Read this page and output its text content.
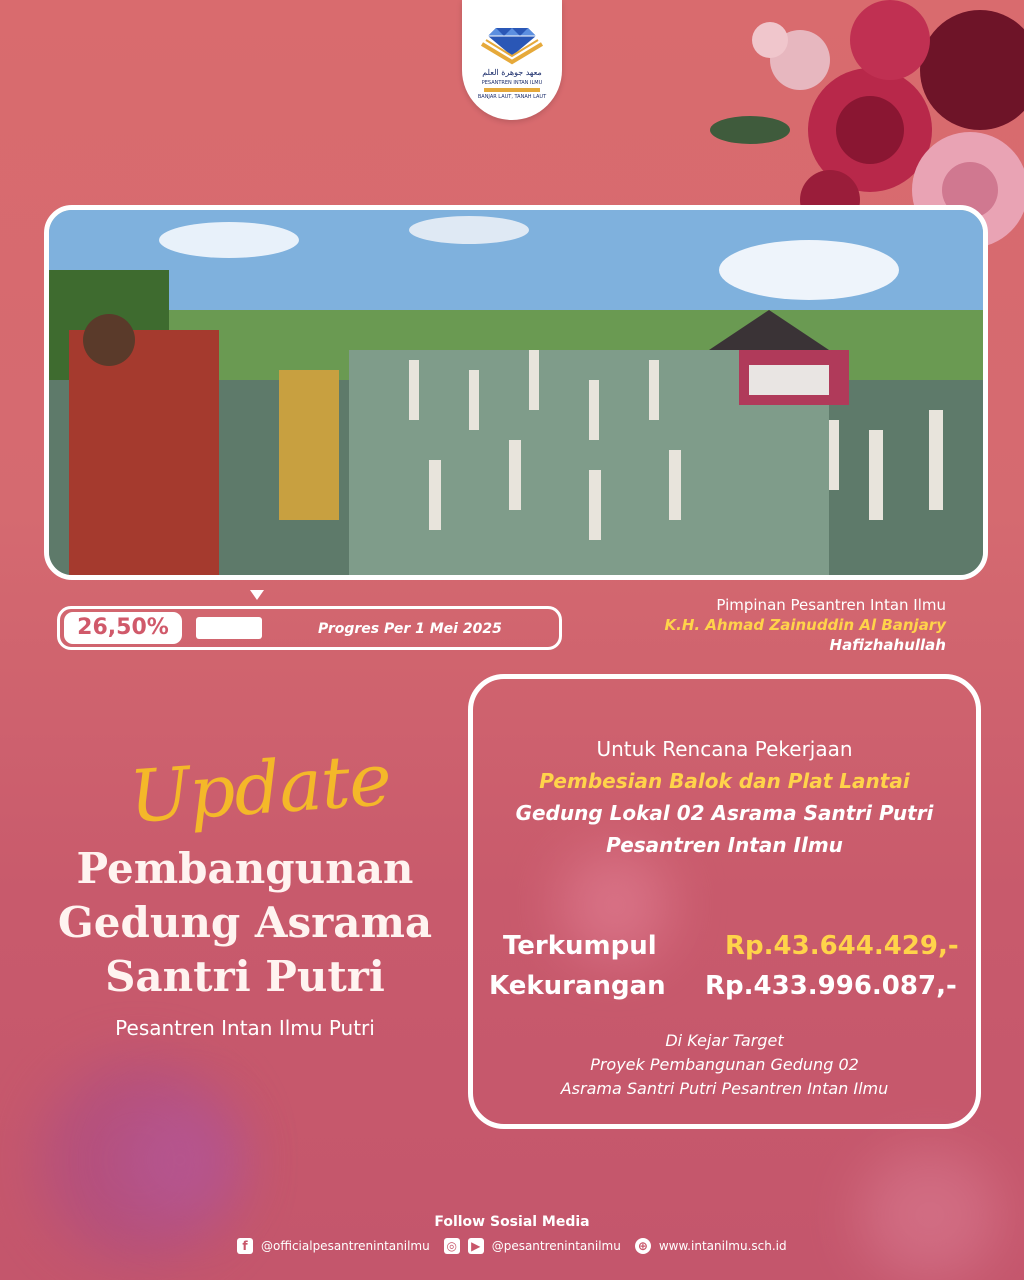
معهد جوهرة العلم
PESANTREN INTAN ILMU
BANJAR LAUT, TANAH LAUT
26,50%	Progres Per 1 Mei 2025
Pimpinan Pesantren Intan Ilmu
K.H. Ahmad Zainuddin Al Banjary
Hafizhahullah
Update
Pembangunan
Gedung Asrama
Santri Putri
Pesantren Intan Ilmu Putri
Untuk Rencana Pekerjaan
Pembesian Balok dan Plat Lantai
Gedung Lokal 02 Asrama Santri Putri
Pesantren Intan Ilmu
Terkumpul	Rp.43.644.429,-
Kekurangan Rp.433.996.087,-
Di Kejar Target
Proyek Pembangunan Gedung 02
Asrama Santri Putri Pesantren Intan Ilmu
Follow Sosial Media
f	@officialpesantrenintanilmu ◎ ▶ @pesantrenintanilmu ⊕ www.intanilmu.sch.id
